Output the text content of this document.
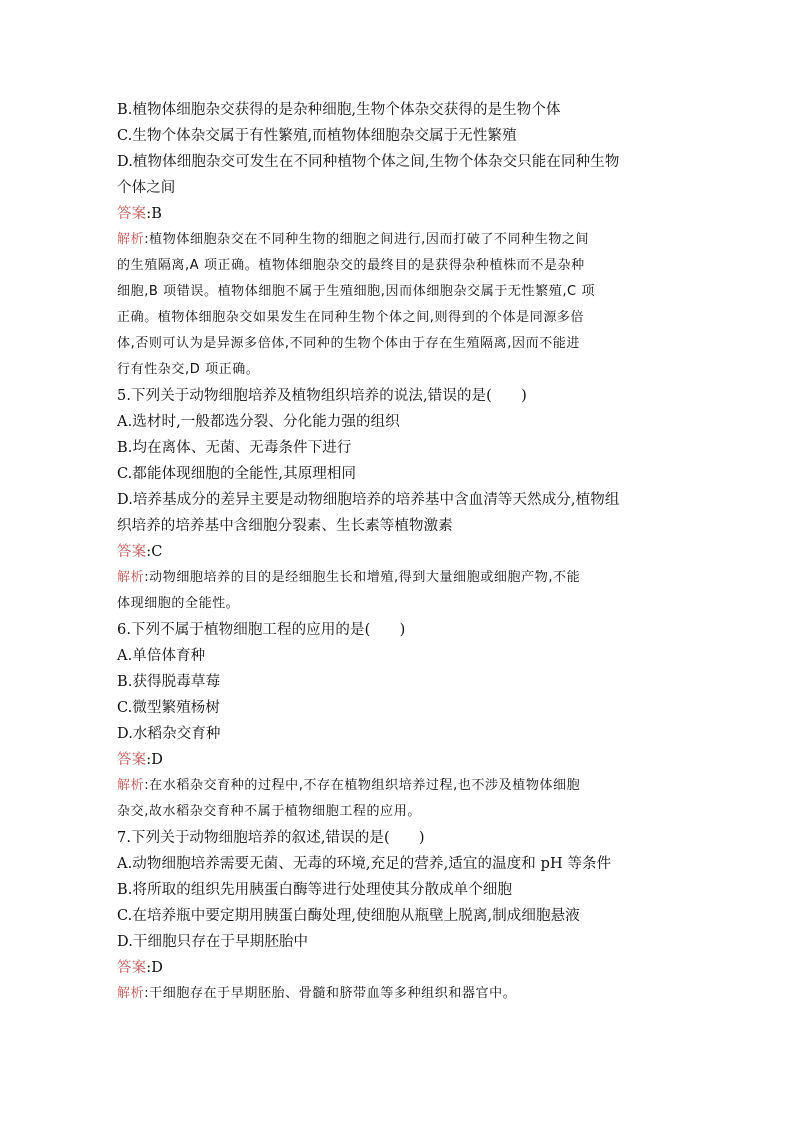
B.植物体细胞杂交获得的是杂种细胞,生物个体杂交获得的是生物个体
C.生物个体杂交属于有性繁殖,而植物体细胞杂交属于无性繁殖
D.植物体细胞杂交可发生在不同种植物个体之间,生物个体杂交只能在同种生物
个体之间
答案:B
解析:植物体细胞杂交在不同种生物的细胞之间进行,因而打破了不同种生物之间
的生殖隔离,A 项正确。植物体细胞杂交的最终目的是获得杂种植株而不是杂种
细胞,B 项错误。植物体细胞不属于生殖细胞,因而体细胞杂交属于无性繁殖,C 项
正确。植物体细胞杂交如果发生在同种生物个体之间,则得到的个体是同源多倍
体,否则可认为是异源多倍体,不同种的生物个体由于存在生殖隔离,因而不能进
行有性杂交,D 项正确。
5.下列关于动物细胞培养及植物组织培养的说法,错误的是(　　)
A.选材时,一般都选分裂、分化能力强的组织
B.均在离体、无菌、无毒条件下进行
C.都能体现细胞的全能性,其原理相同
D.培养基成分的差异主要是动物细胞培养的培养基中含血清等天然成分,植物组
织培养的培养基中含细胞分裂素、生长素等植物激素
答案:C
解析:动物细胞培养的目的是经细胞生长和增殖,得到大量细胞或细胞产物,不能
体现细胞的全能性。
6.下列不属于植物细胞工程的应用的是(　　)
A.单倍体育种
B.获得脱毒草莓
C.微型繁殖杨树
D.水稻杂交育种
答案:D
解析:在水稻杂交育种的过程中,不存在植物组织培养过程,也不涉及植物体细胞
杂交,故水稻杂交育种不属于植物细胞工程的应用。
7.下列关于动物细胞培养的叙述,错误的是(　　)
A.动物细胞培养需要无菌、无毒的环境,充足的营养,适宜的温度和 pH 等条件
B.将所取的组织先用胰蛋白酶等进行处理使其分散成单个细胞
C.在培养瓶中要定期用胰蛋白酶处理,使细胞从瓶壁上脱离,制成细胞悬液
D.干细胞只存在于早期胚胎中
答案:D
解析:干细胞存在于早期胚胎、骨髓和脐带血等多种组织和器官中。
